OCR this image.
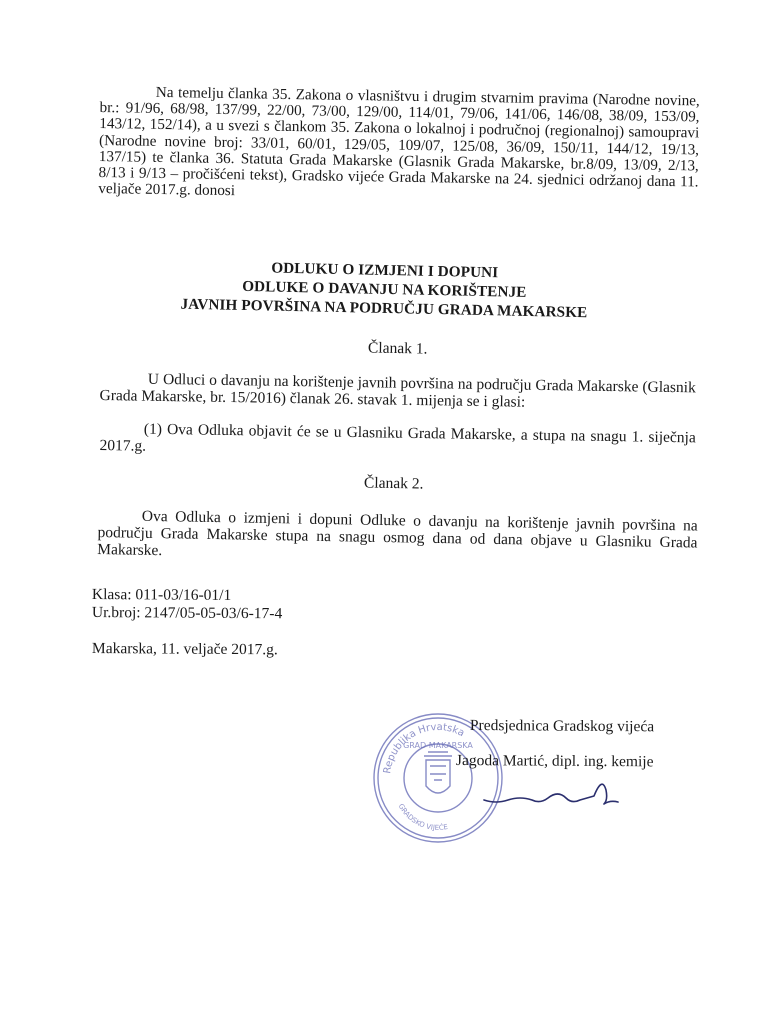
Na temelju članka 35. Zakona o vlasništvu i drugim stvarnim pravima (Narodne novine, br.: 91/96, 68/98, 137/99, 22/00, 73/00, 129/00, 114/01, 79/06, 141/06, 146/08, 38/09, 153/09, 143/12, 152/14), a u svezi s člankom 35. Zakona o lokalnoj i područnoj (regionalnoj) samoupravi (Narodne novine broj: 33/01, 60/01, 129/05, 109/07, 125/08, 36/09, 150/11, 144/12, 19/13, 137/15) te članka 36. Statuta Grada Makarske (Glasnik Grada Makarske, br.8/09, 13/09, 2/13, 8/13 i 9/13 – pročišćeni tekst), Gradsko vijeće Grada Makarske na 24. sjednici održanoj dana 11. veljače 2017.g. donosi
ODLUKU O IZMJENI I DOPUNI
ODLUKE O DAVANJU NA KORIŠTENJE
JAVNIH POVRŠINA NA PODRUČJU GRADA MAKARSKE
Članak 1.
U Odluci o davanju na korištenje javnih površina na području Grada Makarske (Glasnik Grada Makarske, br. 15/2016) članak 26. stavak 1. mijenja se i glasi:
(1) Ova Odluka objavit će se u Glasniku Grada Makarske, a stupa na snagu 1. siječnja 2017.g.
Članak 2.
Ova Odluka o izmjeni i dopuni Odluke o davanju na korištenje javnih površina na području Grada Makarske stupa na snagu osmog dana od dana objave u Glasniku Grada Makarske.
Klasa: 011-03/16-01/1
Ur.broj: 2147/05-05-03/6-17-4
Makarska, 11. veljače 2017.g.
Republika Hrvatska
GRAD MAKARSKA
GRADSKO VIJEĆE
Predsjednica Gradskog vijeća
Jagoda Martić, dipl. ing. kemije
